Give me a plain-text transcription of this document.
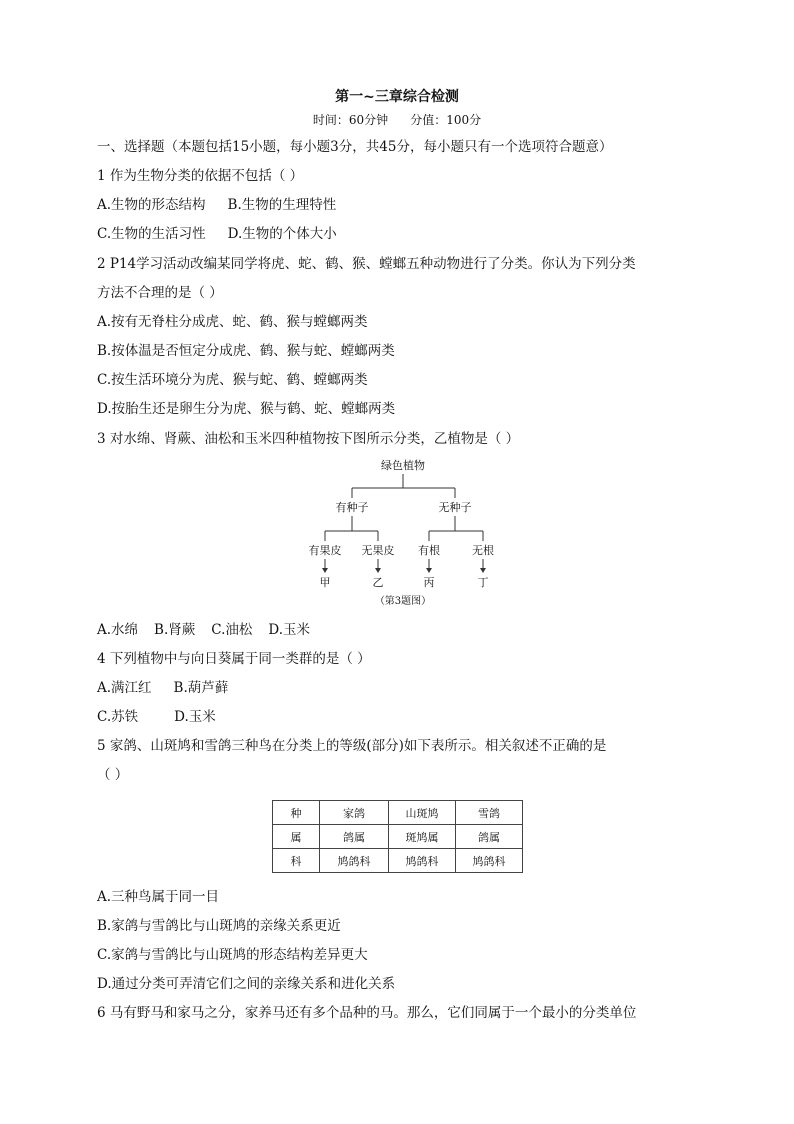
第一~三章综合检测
时间：60分钟 分值：100分
一、选择题（本题包括15小题，每小题3分，共45分，每小题只有一个选项符合题意）
1 作为生物分类的依据不包括（ ）
A.生物的形态结构 B.生物的生理特性
C.生物的生活习性 D.生物的个体大小
2 P14学习活动改编某同学将虎、蛇、鹤、猴、螳螂五种动物进行了分类。你认为下列分类
方法不合理的是（ ）
A.按有无脊柱分成虎、蛇、鹤、猴与螳螂两类
B.按体温是否恒定分成虎、鹤、猴与蛇、螳螂两类
C.按生活环境分为虎、猴与蛇、鹤、螳螂两类
D.按胎生还是卵生分为虎、猴与鹤、蛇、螳螂两类
3 对水绵、肾蕨、油松和玉米四种植物按下图所示分类，乙植物是（ ）
绿色植物
有种子	无种子
有果皮 无果皮 有根	无根
甲	乙	丙	丁
（第3题图）
A.水绵 B.肾蕨 C.油松 D.玉米
4 下列植物中与向日葵属于同一类群的是（ ）
A.满江红 B.葫芦藓
C.苏铁	D.玉米
5 家鸽、山斑鸠和雪鸽三种鸟在分类上的等级(部分)如下表所示。相关叙述不正确的是
（ ）
种	家鸽	山斑鸠	雪鸽
属	鸽属	斑鸠属	鸽属
科	鸠鸽科	鸠鸽科	鸠鸽科
A.三种鸟属于同一目
B.家鸽与雪鸽比与山斑鸠的亲缘关系更近
C.家鸽与雪鸽比与山斑鸠的形态结构差异更大
D.通过分类可弄清它们之间的亲缘关系和进化关系
6 马有野马和家马之分，家养马还有多个品种的马。那么，它们同属于一个最小的分类单位
